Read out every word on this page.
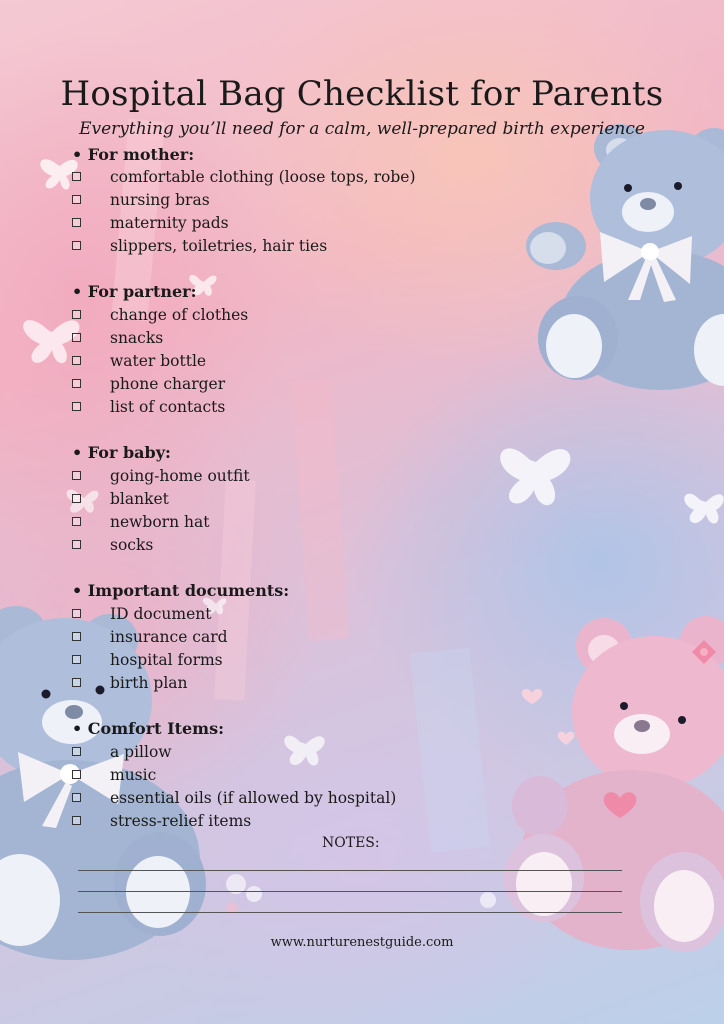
Hospital Bag Checklist for Parents

Everything you’ll need for a calm, well-prepared birth experience

• For mother:
comfortable clothing (loose tops, robe)
nursing bras
maternity pads
slippers, toiletries, hair ties
• For partner:
change of clothes
snacks
water bottle
phone charger
list of contacts
• For baby:
going-home outfit
blanket
newborn hat
socks
• Important documents:
ID document
insurance card
hospital forms
birth plan
• Comfort Items:
a pillow
music
essential oils (if allowed by hospital)
stress-relief items
NOTES:
www.nurturenestguide.com
